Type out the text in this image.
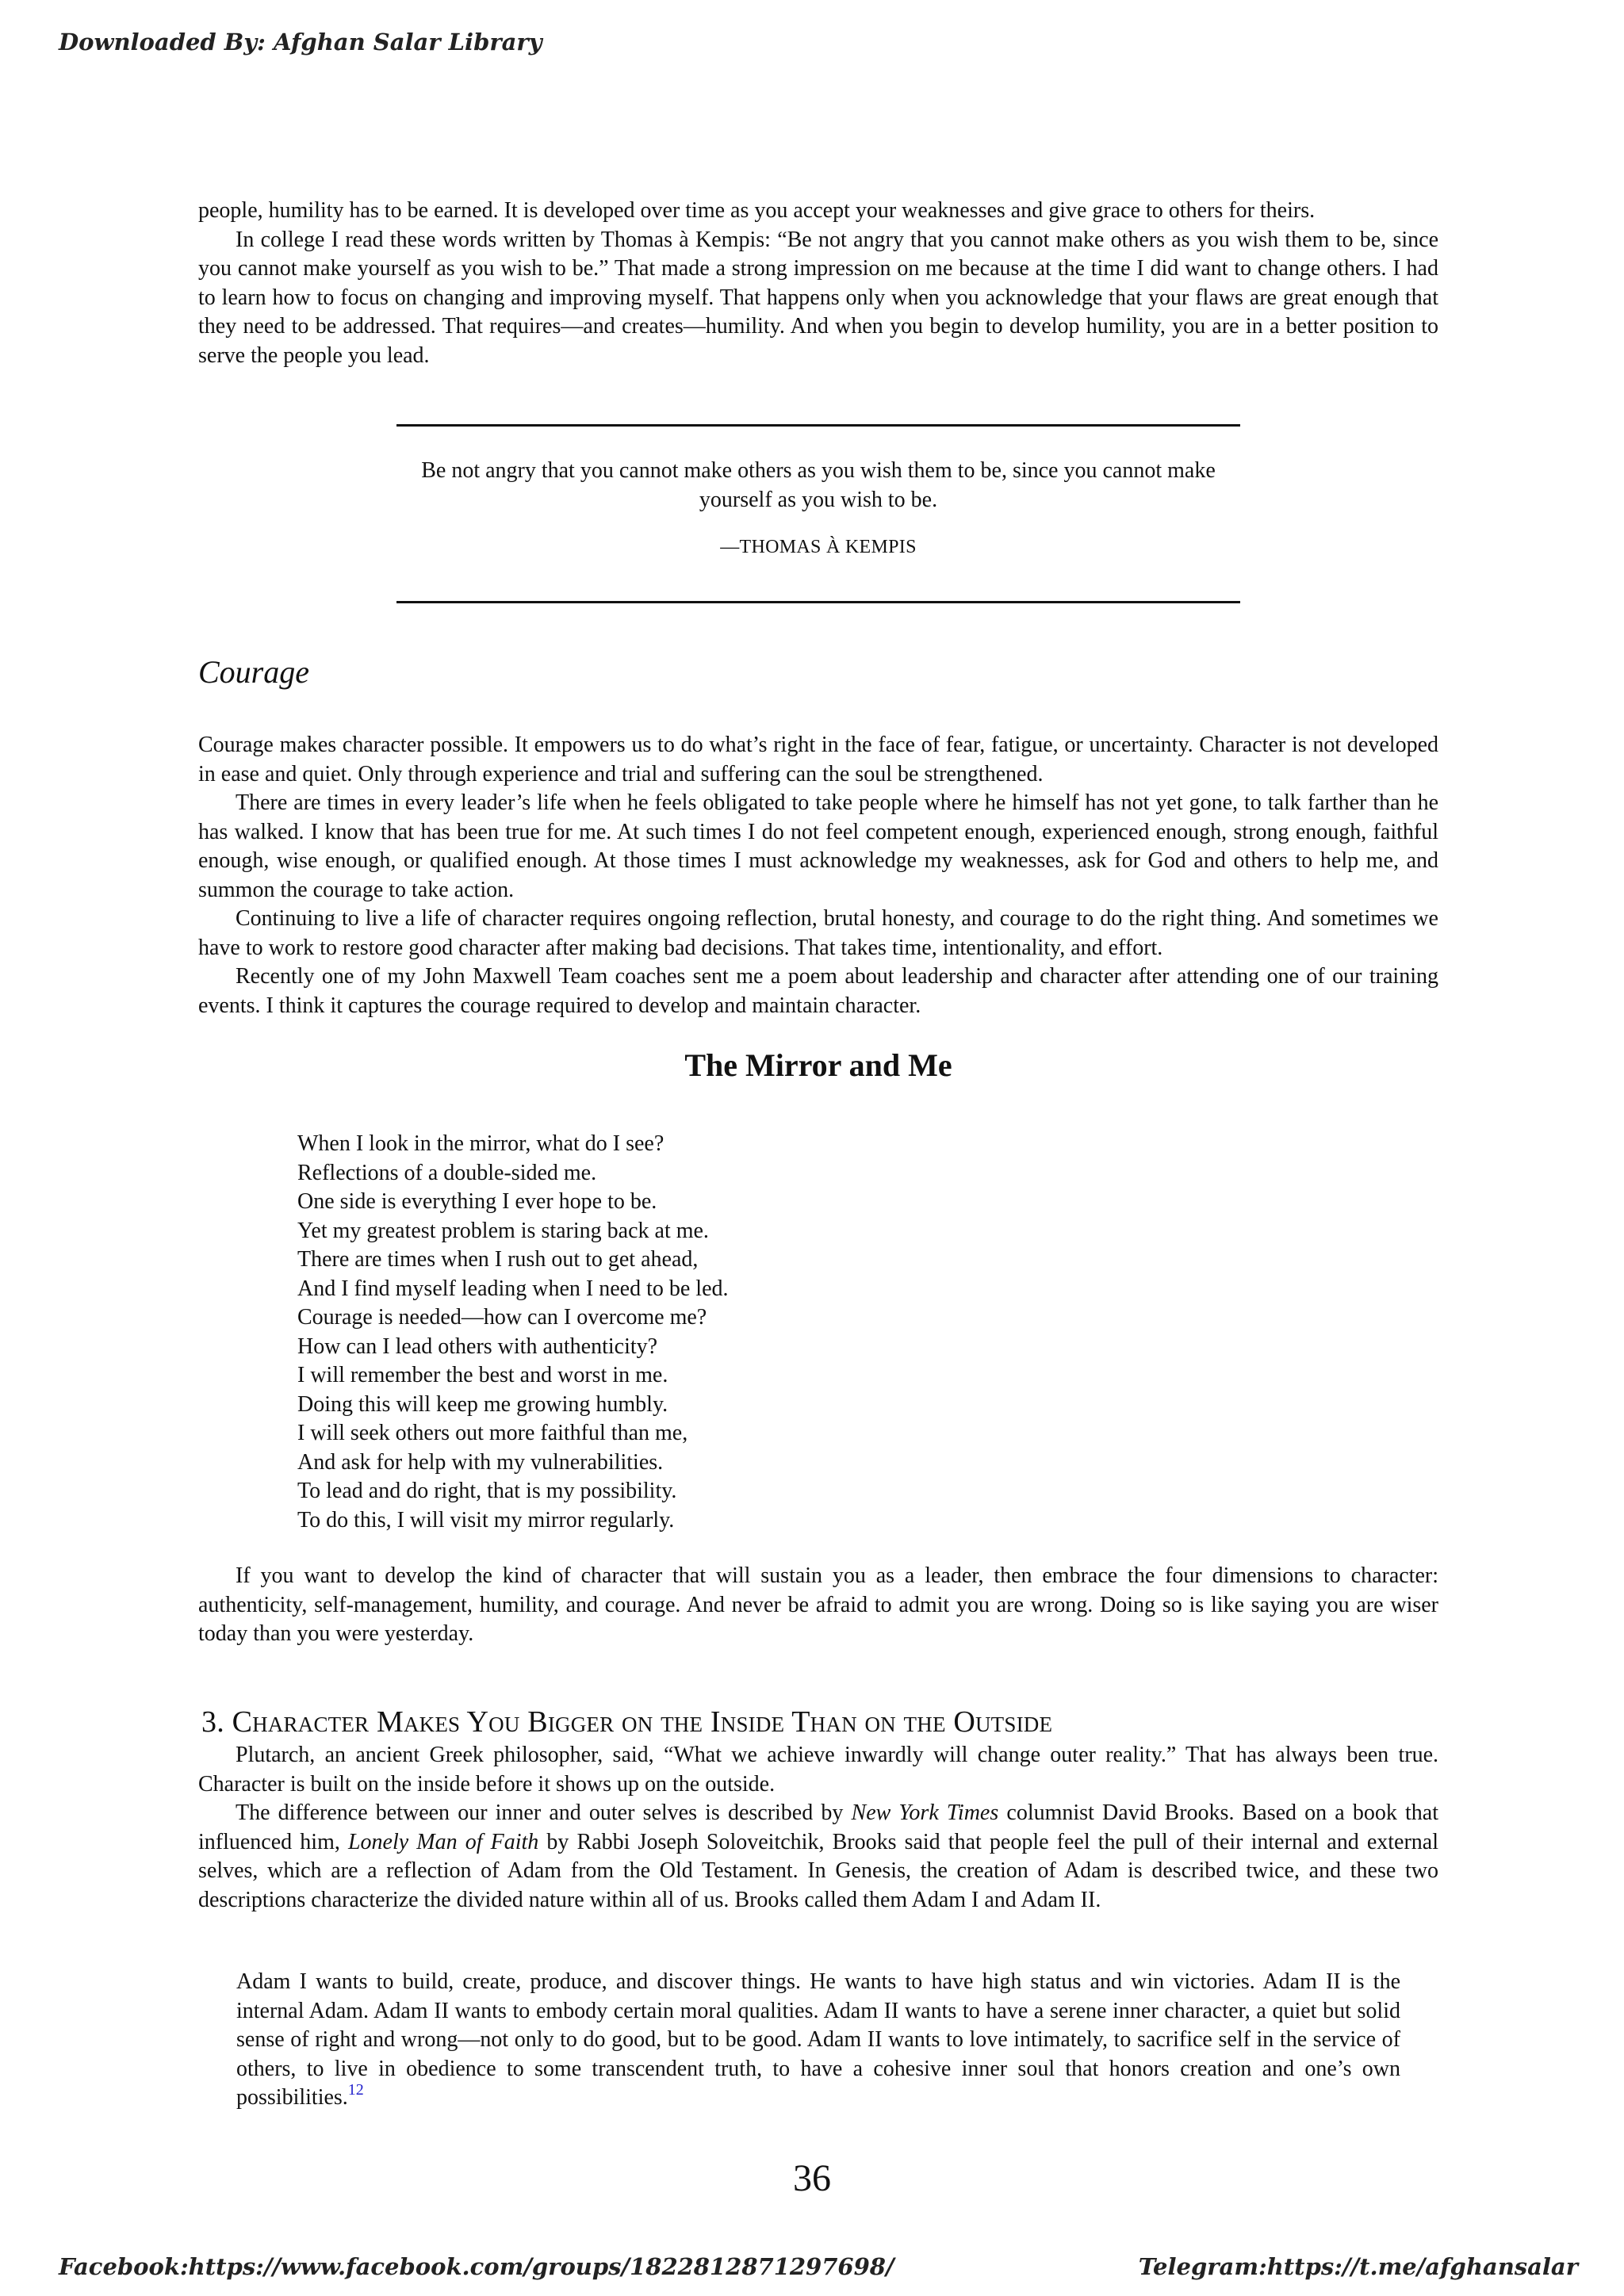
Downloaded By: Afghan Salar Library

people, humility has to be earned. It is developed over time as you accept your weaknesses and give grace to others for theirs.

In college I read these words written by Thomas à Kempis: “Be not angry that you cannot make others as you wish them to be, since you cannot make yourself as you wish to be.” That made a strong impression on me because at the time I did want to change others. I had to learn how to focus on changing and improving myself. That happens only when you acknowledge that your flaws are great enough that they need to be addressed. That requires—and creates—humility. And when you begin to develop humility, you are in a better position to serve the people you lead.

Be not angry that you cannot make others as you wish them to be, since you cannot make yourself as you wish to be.

—THOMAS À KEMPIS

Courage

Courage makes character possible. It empowers us to do what’s right in the face of fear, fatigue, or uncertainty. Character is not developed in ease and quiet. Only through experience and trial and suffering can the soul be strengthened.

There are times in every leader’s life when he feels obligated to take people where he himself has not yet gone, to talk farther than he has walked. I know that has been true for me. At such times I do not feel competent enough, experienced enough, strong enough, faithful enough, wise enough, or qualified enough. At those times I must acknowledge my weaknesses, ask for God and others to help me, and summon the courage to take action.

Continuing to live a life of character requires ongoing reflection, brutal honesty, and courage to do the right thing. And sometimes we have to work to restore good character after making bad decisions. That takes time, intentionality, and effort.

Recently one of my John Maxwell Team coaches sent me a poem about leadership and character after attending one of our training events. I think it captures the courage required to develop and maintain character.

The Mirror and Me
When I look in the mirror, what do I see?
Reflections of a double-sided me.
One side is everything I ever hope to be.
Yet my greatest problem is staring back at me.
There are times when I rush out to get ahead,
And I find myself leading when I need to be led.
Courage is needed—how can I overcome me?
How can I lead others with authenticity?
I will remember the best and worst in me.
Doing this will keep me growing humbly.
I will seek others out more faithful than me,
And ask for help with my vulnerabilities.
To lead and do right, that is my possibility.
To do this, I will visit my mirror regularly.

If you want to develop the kind of character that will sustain you as a leader, then embrace the four dimensions to character: authenticity, self-management, humility, and courage. And never be afraid to admit you are wrong. Doing so is like saying you are wiser today than you were yesterday.

3. Character Makes You Bigger on the Inside Than on the Outside

Plutarch, an ancient Greek philosopher, said, “What we achieve inwardly will change outer reality.” That has always been true. Character is built on the inside before it shows up on the outside.

The difference between our inner and outer selves is described by New York Times columnist David Brooks. Based on a book that influenced him, Lonely Man of Faith by Rabbi Joseph Soloveitchik, Brooks said that people feel the pull of their internal and external selves, which are a reflection of Adam from the Old Testament. In Genesis, the creation of Adam is described twice, and these two descriptions characterize the divided nature within all of us. Brooks called them Adam I and Adam II.

Adam I wants to build, create, produce, and discover things. He wants to have high status and win victories. Adam II is the internal Adam. Adam II wants to embody certain moral qualities. Adam II wants to have a serene inner character, a quiet but solid sense of right and wrong—not only to do good, but to be good. Adam II wants to love intimately, to sacrifice self in the service of others, to live in obedience to some transcendent truth, to have a cohesive inner soul that honors creation and one’s own possibilities.$^{12}$
36
Facebook:https://www.facebook.com/groups/1822812871297698/	Telegram:https://t.me/afghansalar
